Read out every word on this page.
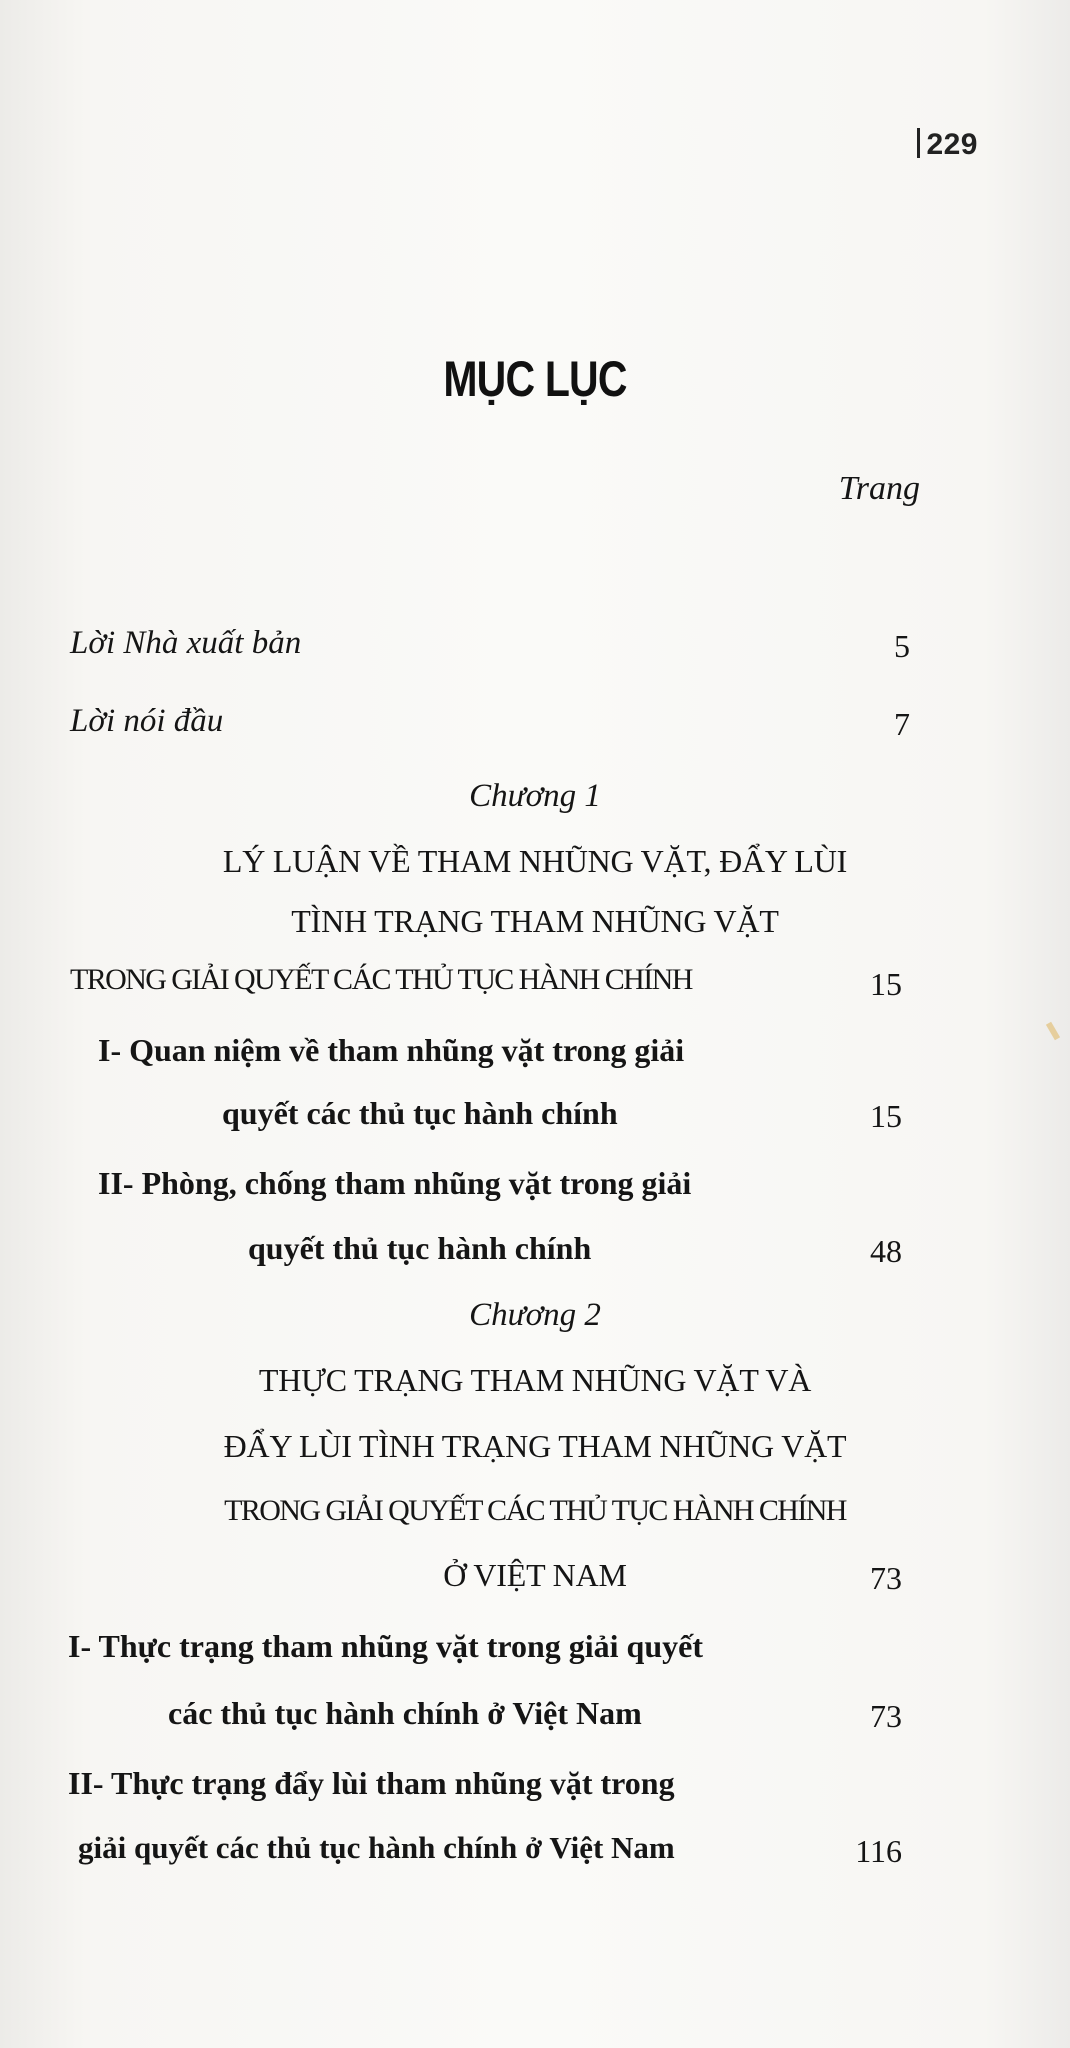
229
MỤC LỤC
Trang
Lời Nhà xuất bản	5
Lời nói đầu	7
Chương 1
LÝ LUẬN VỀ THAM NHŨNG VẶT, ĐẨY LÙI
TÌNH TRẠNG THAM NHŨNG VẶT
TRONG GIẢI QUYẾT CÁC THỦ TỤC HÀNH CHÍNH	15
I- Quan niệm về tham nhũng vặt trong giải
quyết các thủ tục hành chính	15
II- Phòng, chống tham nhũng vặt trong giải
quyết thủ tục hành chính	48
Chương 2
THỰC TRẠNG THAM NHŨNG VẶT VÀ
ĐẨY LÙI TÌNH TRẠNG THAM NHŨNG VẶT
TRONG GIẢI QUYẾT CÁC THỦ TỤC HÀNH CHÍNH
Ở VIỆT NAM	73
I- Thực trạng tham nhũng vặt trong giải quyết
các thủ tục hành chính ở Việt Nam	73
II- Thực trạng đẩy lùi tham nhũng vặt trong
giải quyết các thủ tục hành chính ở Việt Nam	116
